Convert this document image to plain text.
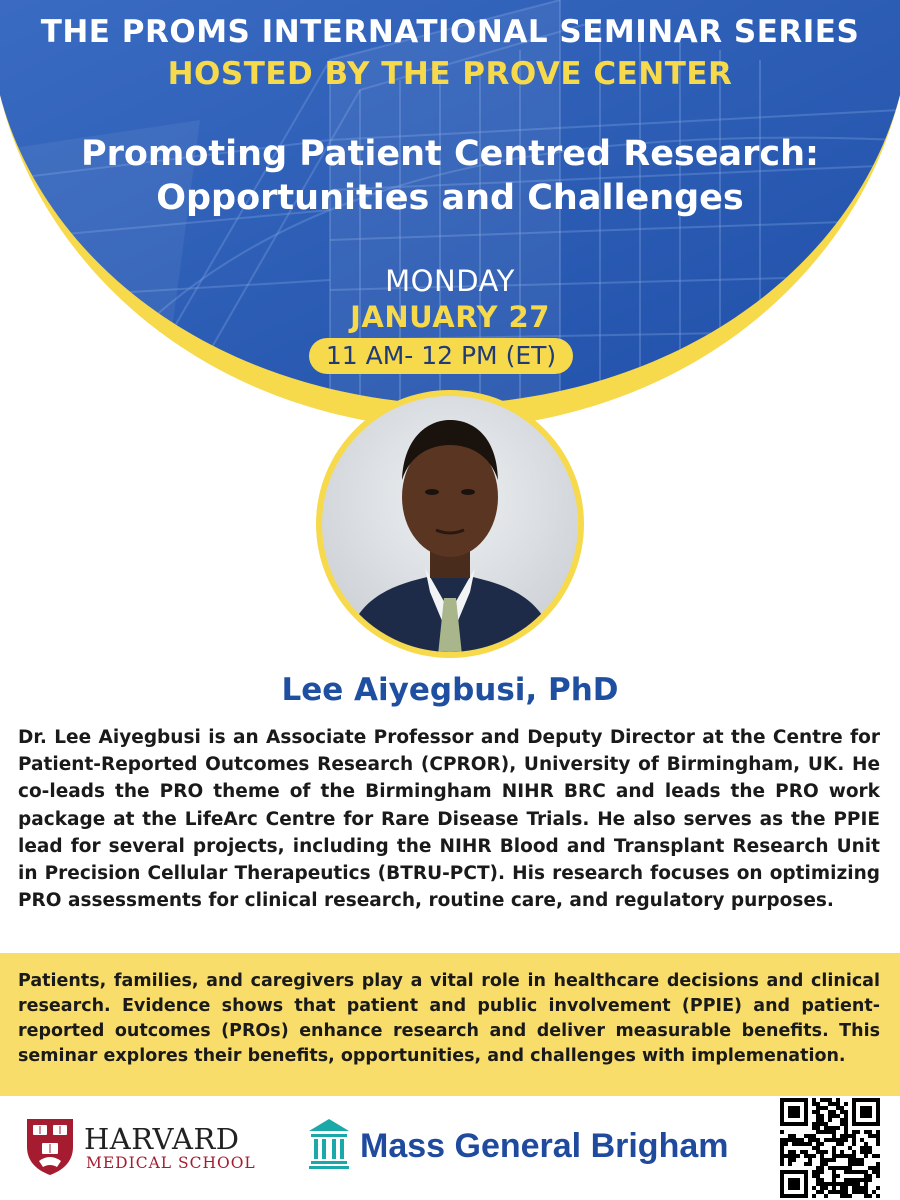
THE PROMS INTERNATIONAL SEMINAR SERIES
HOSTED BY THE PROVE CENTER
Promoting Patient Centred Research:
Opportunities and Challenges
MONDAY
JANUARY 27
11 AM- 12 PM (ET)
Lee Aiyegbusi, PhD
Dr. Lee Aiyegbusi is an Associate Professor and Deputy Director at the Centre for Patient-Reported Outcomes Research (CPROR), University of Birmingham, UK. He co-leads the PRO theme of the Birmingham NIHR BRC and leads the PRO work package at the LifeArc Centre for Rare Disease Trials. He also serves as the PPIE lead for several projects, including the NIHR Blood and Transplant Research Unit in Precision Cellular Therapeutics (BTRU-PCT). His research focuses on optimizing PRO assessments for clinical research, routine care, and regulatory purposes.
Patients, families, and caregivers play a vital role in healthcare decisions and clinical research. Evidence shows that patient and public involvement (PPIE) and patient-reported outcomes (PROs) enhance research and deliver measurable benefits. This seminar explores their benefits, opportunities, and challenges with implemenation.
HARVARD
MEDICAL SCHOOL	Mass General Brigham
